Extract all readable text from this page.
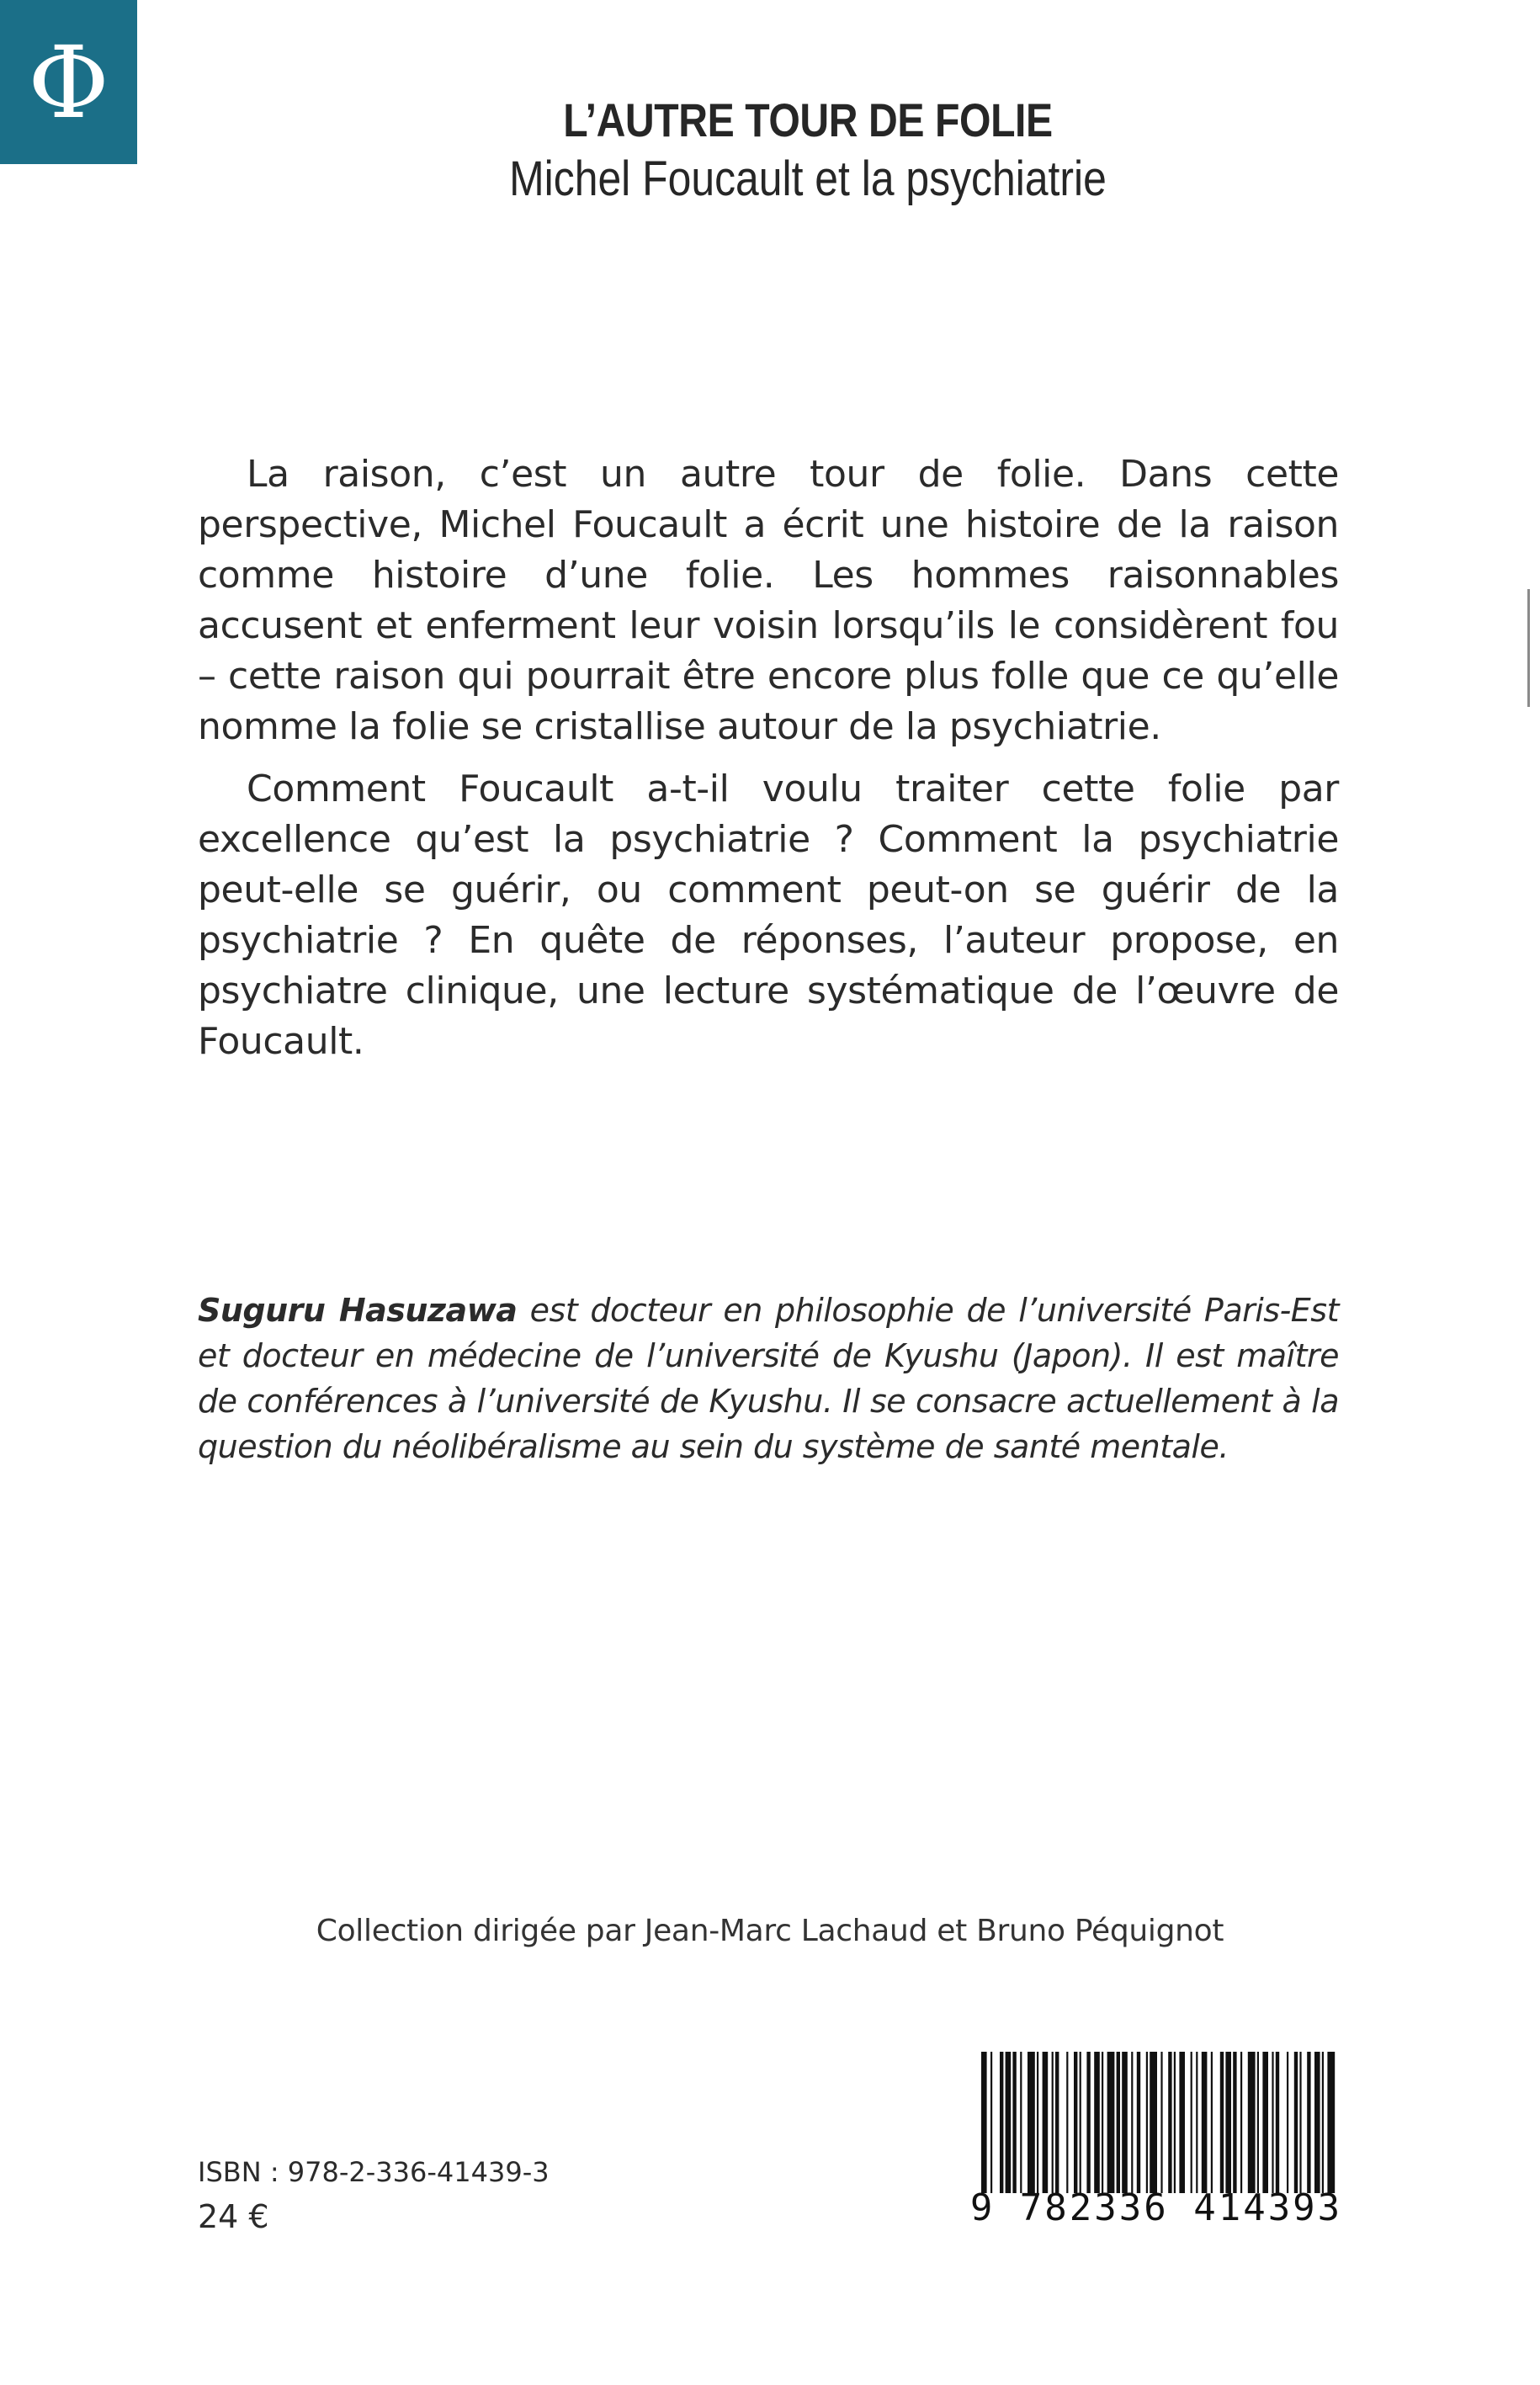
Φ	L’AUTRE TOUR DE FOLIE
Michel Foucault et la psychiatrie

La raison, c’est un autre tour de folie. Dans cette perspective, Michel Foucault a écrit une histoire de la raison comme histoire d’une folie. Les hommes raisonnables accusent et enferment leur voisin lorsqu’ils le considèrent fou – cette raison qui pourrait être encore plus folle que ce qu’elle nomme la folie se cristallise autour de la psychiatrie.

Comment Foucault a-t-il voulu traiter cette folie par excellence qu’est la psychiatrie ? Comment la psychiatrie peut-elle se guérir, ou comment peut-on se guérir de la psychiatrie ? En quête de réponses, l’auteur propose, en psychiatre clinique, une lecture systématique de l’œuvre de Foucault.

Suguru Hasuzawa est docteur en philosophie de l’université Paris-Est et docteur en médecine de l’université de Kyushu (Japon). Il est maître de conférences à l’université de Kyushu. Il se consacre actuellement à la question du néolibéralisme au sein du système de santé mentale.
Collection dirigée par Jean-Marc Lachaud et Bruno Péquignot
ISBN : 978-2-336-41439-3
24 €	9 782336 414393
